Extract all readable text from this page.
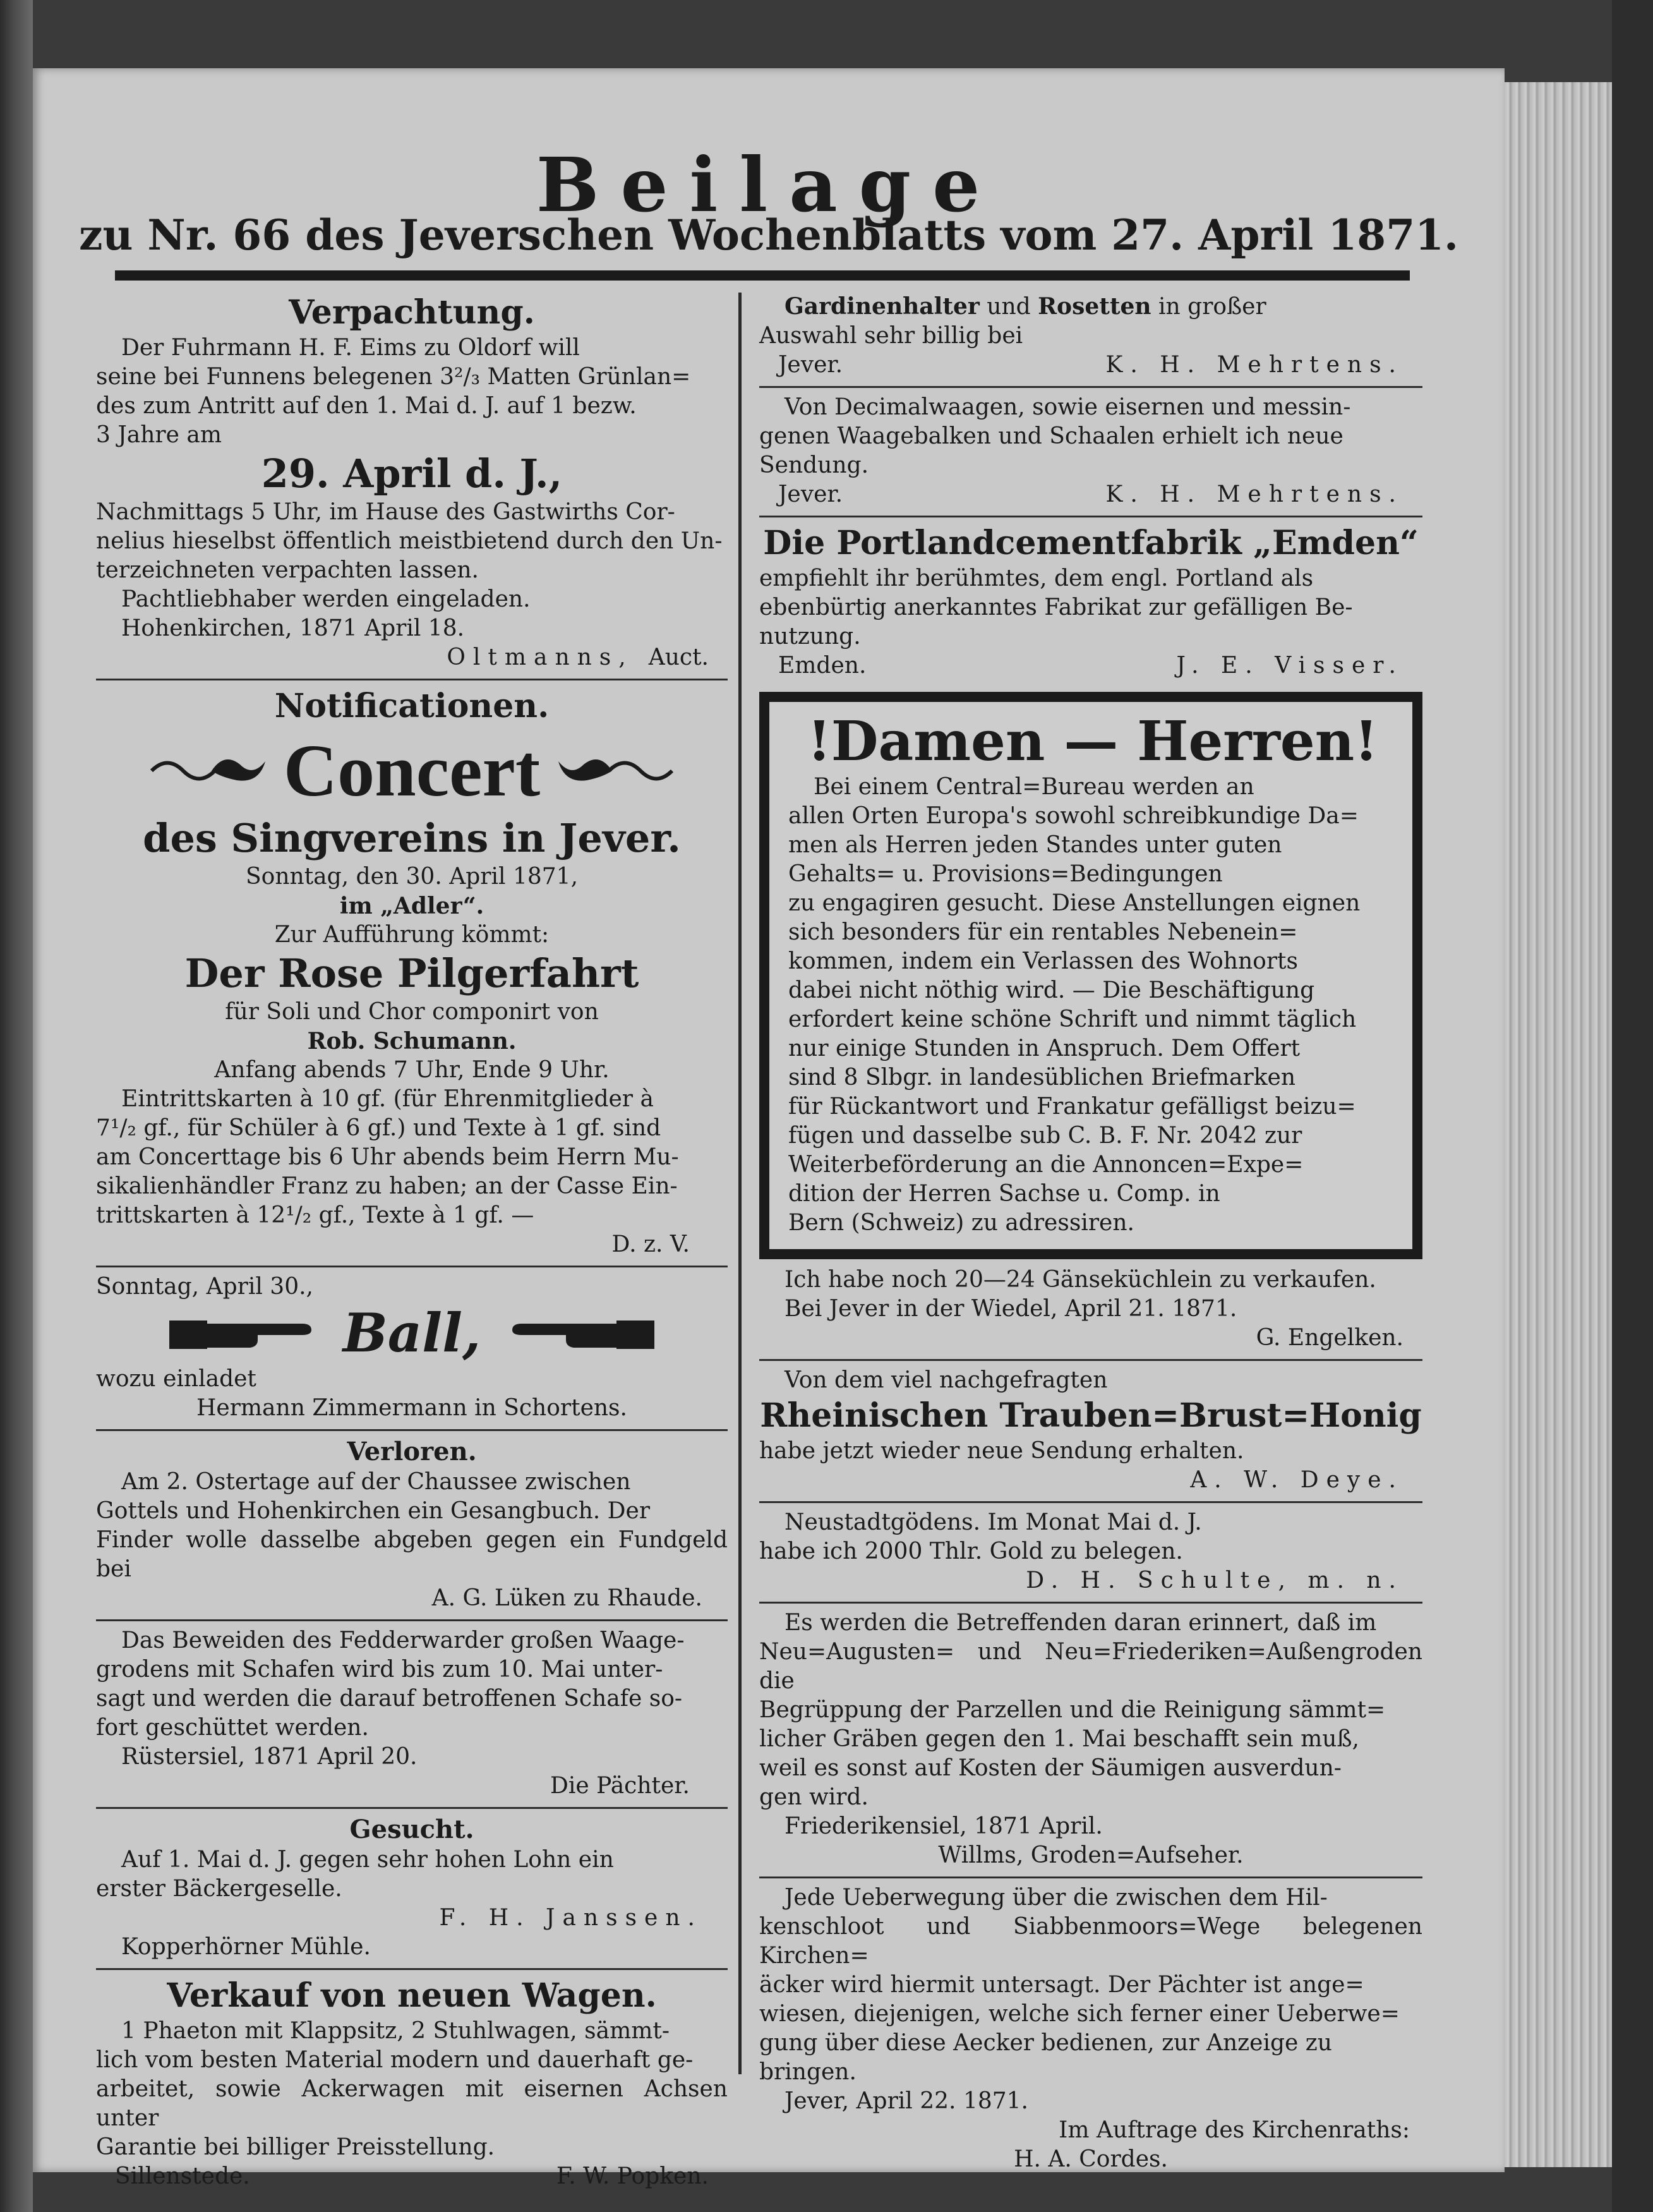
Beilage
zu Nr. 66 des Jeverschen Wochenblatts vom 27. April 1871.
Verpachtung.

Der Fuhrmann H. F. Eims zu Oldorf will

seine bei Funnens belegenen 3²/₃ Matten Grünlan=

des zum Antritt auf den 1. Mai d. J. auf 1 bezw.

3 Jahre am

29. April d. J.,

Nachmittags 5 Uhr, im Hause des Gastwirths Cor-

nelius hieselbst öffentlich meistbietend durch den Un-

terzeichneten verpachten lassen.

Pachtliebhaber werden eingeladen.

Hohenkirchen, 1871 April 18.

Oltmanns, Auct.
Notificationen.
Concert
des Singvereins in Jever.

Sonntag, den 30. April 1871,

im „Adler“.

Zur Aufführung kömmt:

Der Rose Pilgerfahrt

für Soli und Chor componirt von

Rob. Schumann.

Anfang abends 7 Uhr, Ende 9 Uhr.

Eintrittskarten à 10 gf. (für Ehrenmitglieder à

7¹/₂ gf., für Schüler à 6 gf.) und Texte à 1 gf. sind

am Concerttage bis 6 Uhr abends beim Herrn Mu-

sikalienhändler Franz zu haben; an der Casse Ein-

trittskarten à 12¹/₂ gf., Texte à 1 gf. —

D. z. V.

Sonntag, April 30.,

Ball,

wozu einladet

Hermann Zimmermann in Schortens.

Verloren.

Am 2. Ostertage auf der Chaussee zwischen

Gottels und Hohenkirchen ein Gesangbuch. Der

Finder wolle dasselbe abgeben gegen ein Fundgeld bei

A. G. Lüken zu Rhaude.

Das Beweiden des Fedderwarder großen Waage-

grodens mit Schafen wird bis zum 10. Mai unter-

sagt und werden die darauf betroffenen Schafe so-

fort geschüttet werden.

Rüstersiel, 1871 April 20.

Die Pächter.

Gesucht.

Auf 1. Mai d. J. gegen sehr hohen Lohn ein

erster Bäckergeselle.

F. H. Janssen.

Kopperhörner Mühle.

Verkauf von neuen Wagen.

1 Phaeton mit Klappsitz, 2 Stuhlwagen, sämmt-

lich vom besten Material modern und dauerhaft ge-

arbeitet, sowie Ackerwagen mit eisernen Achsen unter

Garantie bei billiger Preisstellung.

Sillenstede.	F. W. Popken.

Gardinenhalter und Rosetten in großer

Auswahl sehr billig bei

Jever.	K. H. Mehrtens.

Von Decimalwaagen, sowie eisernen und messin-

genen Waagebalken und Schaalen erhielt ich neue

Sendung.

Jever.	K. H. Mehrtens.
Die Portlandcementfabrik „Emden“

empfiehlt ihr berühmtes, dem engl. Portland als

ebenbürtig anerkanntes Fabrikat zur gefälligen Be-

nutzung.

Emden.	J. E. Visser.
!Damen — Herren!

Bei einem Central=Bureau werden an

allen Orten Europa's sowohl schreibkundige Da=

men als Herren jeden Standes unter guten

Gehalts= u. Provisions=Bedingungen

zu engagiren gesucht. Diese Anstellungen eignen

sich besonders für ein rentables Nebenein=

kommen, indem ein Verlassen des Wohnorts

dabei nicht nöthig wird. — Die Beschäftigung

erfordert keine schöne Schrift und nimmt täglich

nur einige Stunden in Anspruch. Dem Offert

sind 8 Slbgr. in landesüblichen Briefmarken

für Rückantwort und Frankatur gefälligst beizu=

fügen und dasselbe sub C. B. F. Nr. 2042 zur

Weiterbeförderung an die Annoncen=Expe=

dition der Herren Sachse u. Comp. in

Bern (Schweiz) zu adressiren.

Ich habe noch 20—24 Gänseküchlein zu verkaufen.

Bei Jever in der Wiedel, April 21. 1871.

G. Engelken.

Von dem viel nachgefragten

Rheinischen Trauben=Brust=Honig

habe jetzt wieder neue Sendung erhalten.

A. W. Deye.

Neustadtgödens. Im Monat Mai d. J.

habe ich 2000 Thlr. Gold zu belegen.

D. H. Schulte, m. n.

Es werden die Betreffenden daran erinnert, daß im

Neu=Augusten= und Neu=Friederiken=Außengroden die

Begrüppung der Parzellen und die Reinigung sämmt=

licher Gräben gegen den 1. Mai beschafft sein muß,

weil es sonst auf Kosten der Säumigen ausverdun-

gen wird.

Friederikensiel, 1871 April.

Willms, Groden=Aufseher.

Jede Ueberwegung über die zwischen dem Hil-

kenschloot und Siabbenmoors=Wege belegenen Kirchen=

äcker wird hiermit untersagt. Der Pächter ist ange=

wiesen, diejenigen, welche sich ferner einer Ueberwe=

gung über diese Aecker bedienen, zur Anzeige zu

bringen.

Jever, April 22. 1871.

Im Auftrage des Kirchenraths:

H. A. Cordes.
